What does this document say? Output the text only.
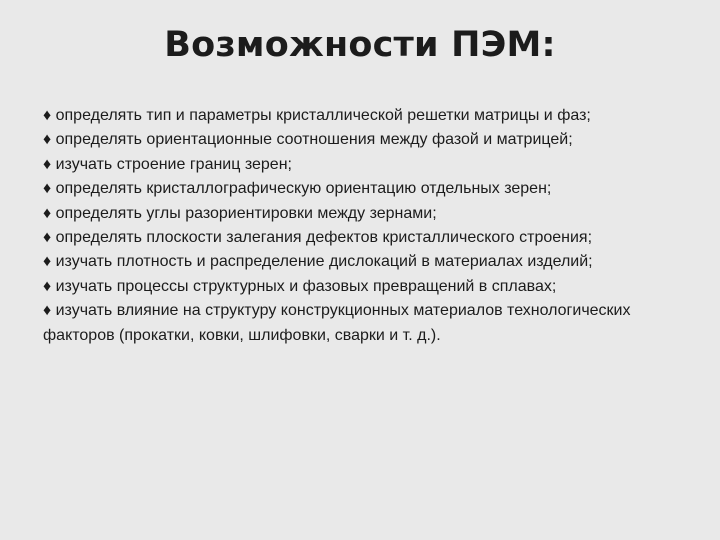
Возможности ПЭМ:
♦ определять тип и параметры кристаллической решетки матрицы и фаз;
♦ определять ориентационные соотношения между фазой и матрицей;
♦ изучать строение границ зерен;
♦ определять кристаллографическую ориентацию отдельных зерен;
♦ определять углы разориентировки между зернами;
♦ определять плоскости залегания дефектов кристаллического строения;
♦ изучать плотность и распределение дислокаций в материалах изделий;
♦ изучать процессы структурных и фазовых превращений в сплавах;
♦ изучать влияние на структуру конструкционных материалов технологических факторов (прокатки, ковки, шлифовки, сварки и т. д.).
